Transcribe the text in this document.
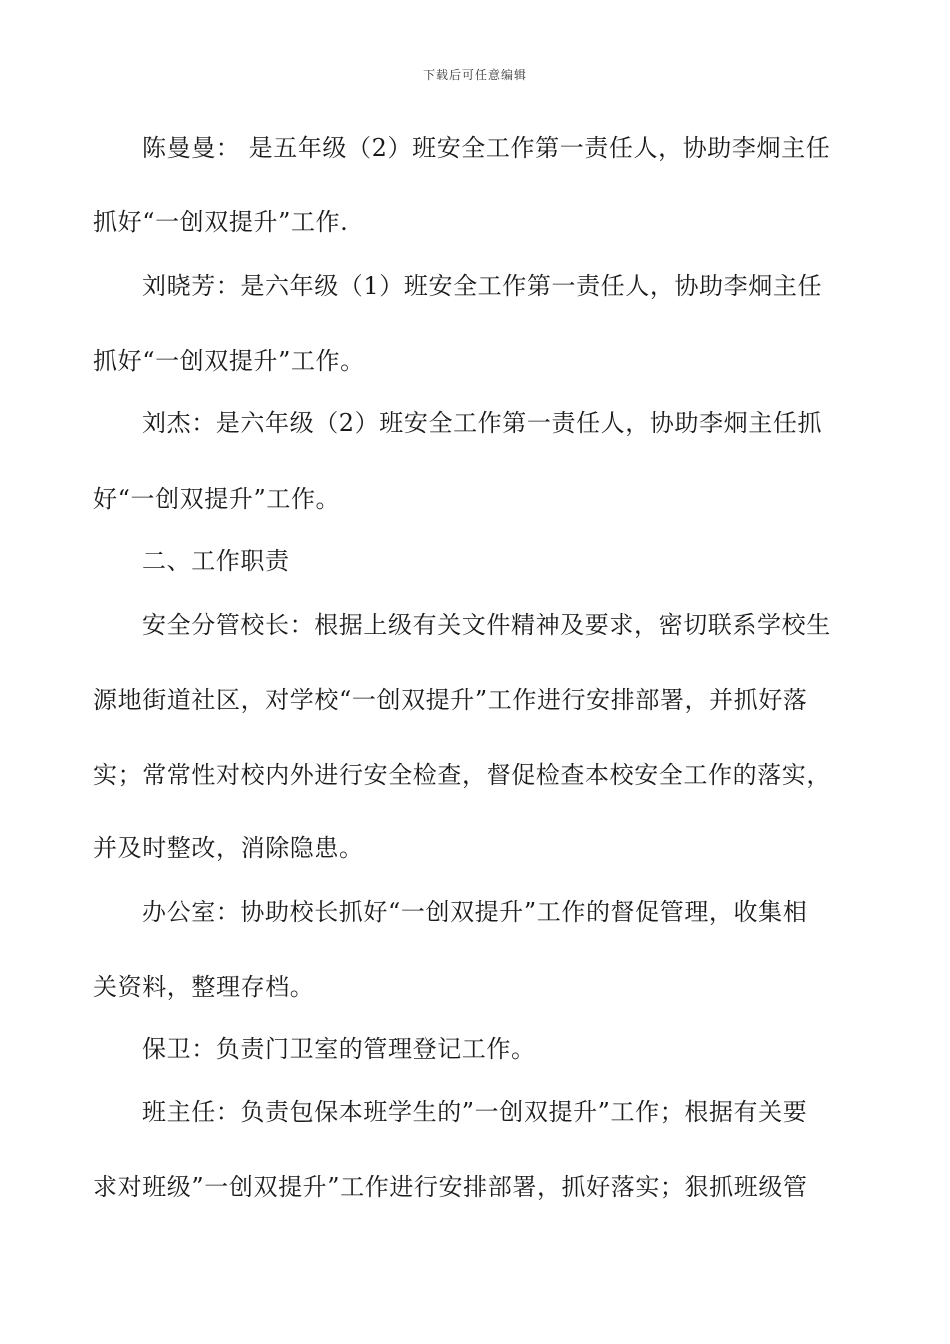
下载后可任意编辑
陈曼曼： 是五年级（2）班安全工作第一责任人，协助李炯主任
抓好“一创双提升”工作.
刘晓芳：是六年级（1）班安全工作第一责任人，协助李炯主任
抓好“一创双提升”工作。
刘杰：是六年级（2）班安全工作第一责任人，协助李炯主任抓
好“一创双提升”工作。
二、工作职责
安全分管校长：根据上级有关文件精神及要求，密切联系学校生
源地街道社区，对学校“一创双提升”工作进行安排部署，并抓好落
实；常常性对校内外进行安全检查，督促检查本校安全工作的落实，
并及时整改，消除隐患。
办公室：协助校长抓好“一创双提升”工作的督促管理，收集相
关资料，整理存档。
保卫：负责门卫室的管理登记工作。
班主任：负责包保本班学生的”一创双提升”工作；根据有关要
求对班级”一创双提升”工作进行安排部署，抓好落实；狠抓班级管
